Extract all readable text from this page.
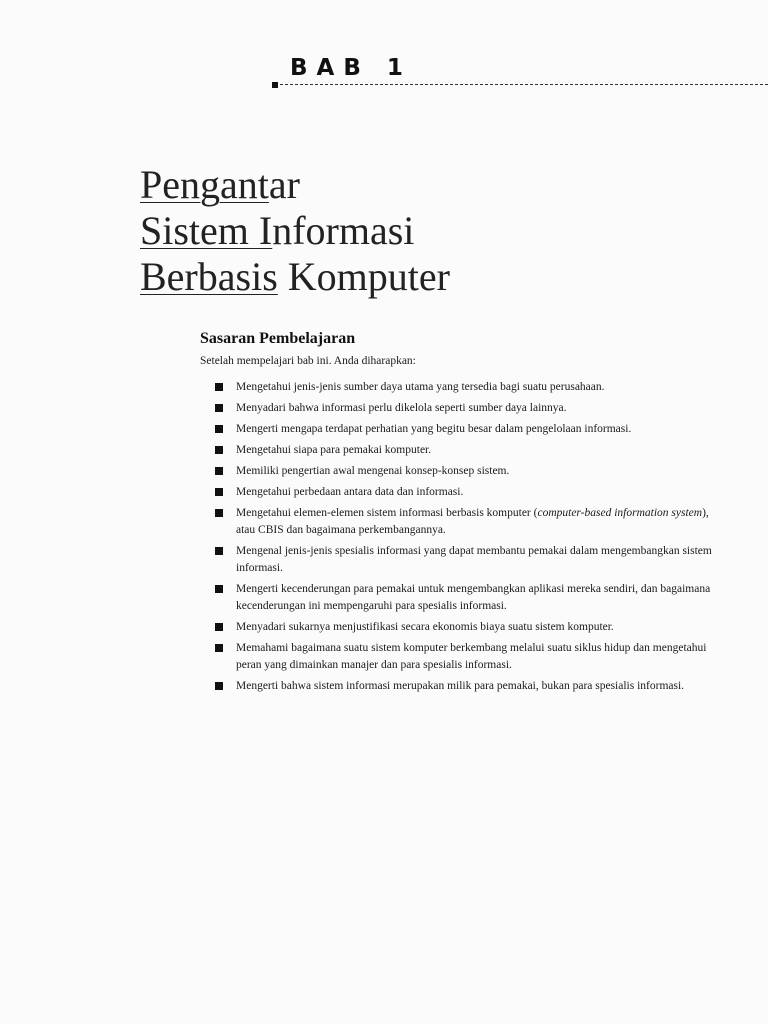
BAB 1
Pengantar
Sistem Informasi
Berbasis Komputer
Sasaran Pembelajaran

Setelah mempelajari bab ini. Anda diharapkan:

Mengetahui jenis-jenis sumber daya utama yang tersedia bagi suatu perusahaan.
Menyadari bahwa informasi perlu dikelola seperti sumber daya lainnya.
Mengerti mengapa terdapat perhatian yang begitu besar dalam pengelolaan informasi.
Mengetahui siapa para pemakai komputer.
Memiliki pengertian awal mengenai konsep-konsep sistem.
Mengetahui perbedaan antara data dan informasi.
Mengetahui elemen-elemen sistem informasi berbasis komputer (computer-based information system), atau CBIS dan bagaimana perkembangannya.
Mengenal jenis-jenis spesialis informasi yang dapat membantu pemakai dalam mengembangkan sistem informasi.
Mengerti kecenderungan para pemakai untuk mengembangkan aplikasi mereka sendiri, dan bagaimana kecenderungan ini mempengaruhi para spesialis informasi.
Menyadari sukarnya menjustifikasi secara ekonomis biaya suatu sistem komputer.
Memahami bagaimana suatu sistem komputer berkembang melalui suatu siklus hidup dan mengetahui peran yang dimainkan manajer dan para spesialis informasi.
Mengerti bahwa sistem informasi merupakan milik para pemakai, bukan para spesialis informasi.
